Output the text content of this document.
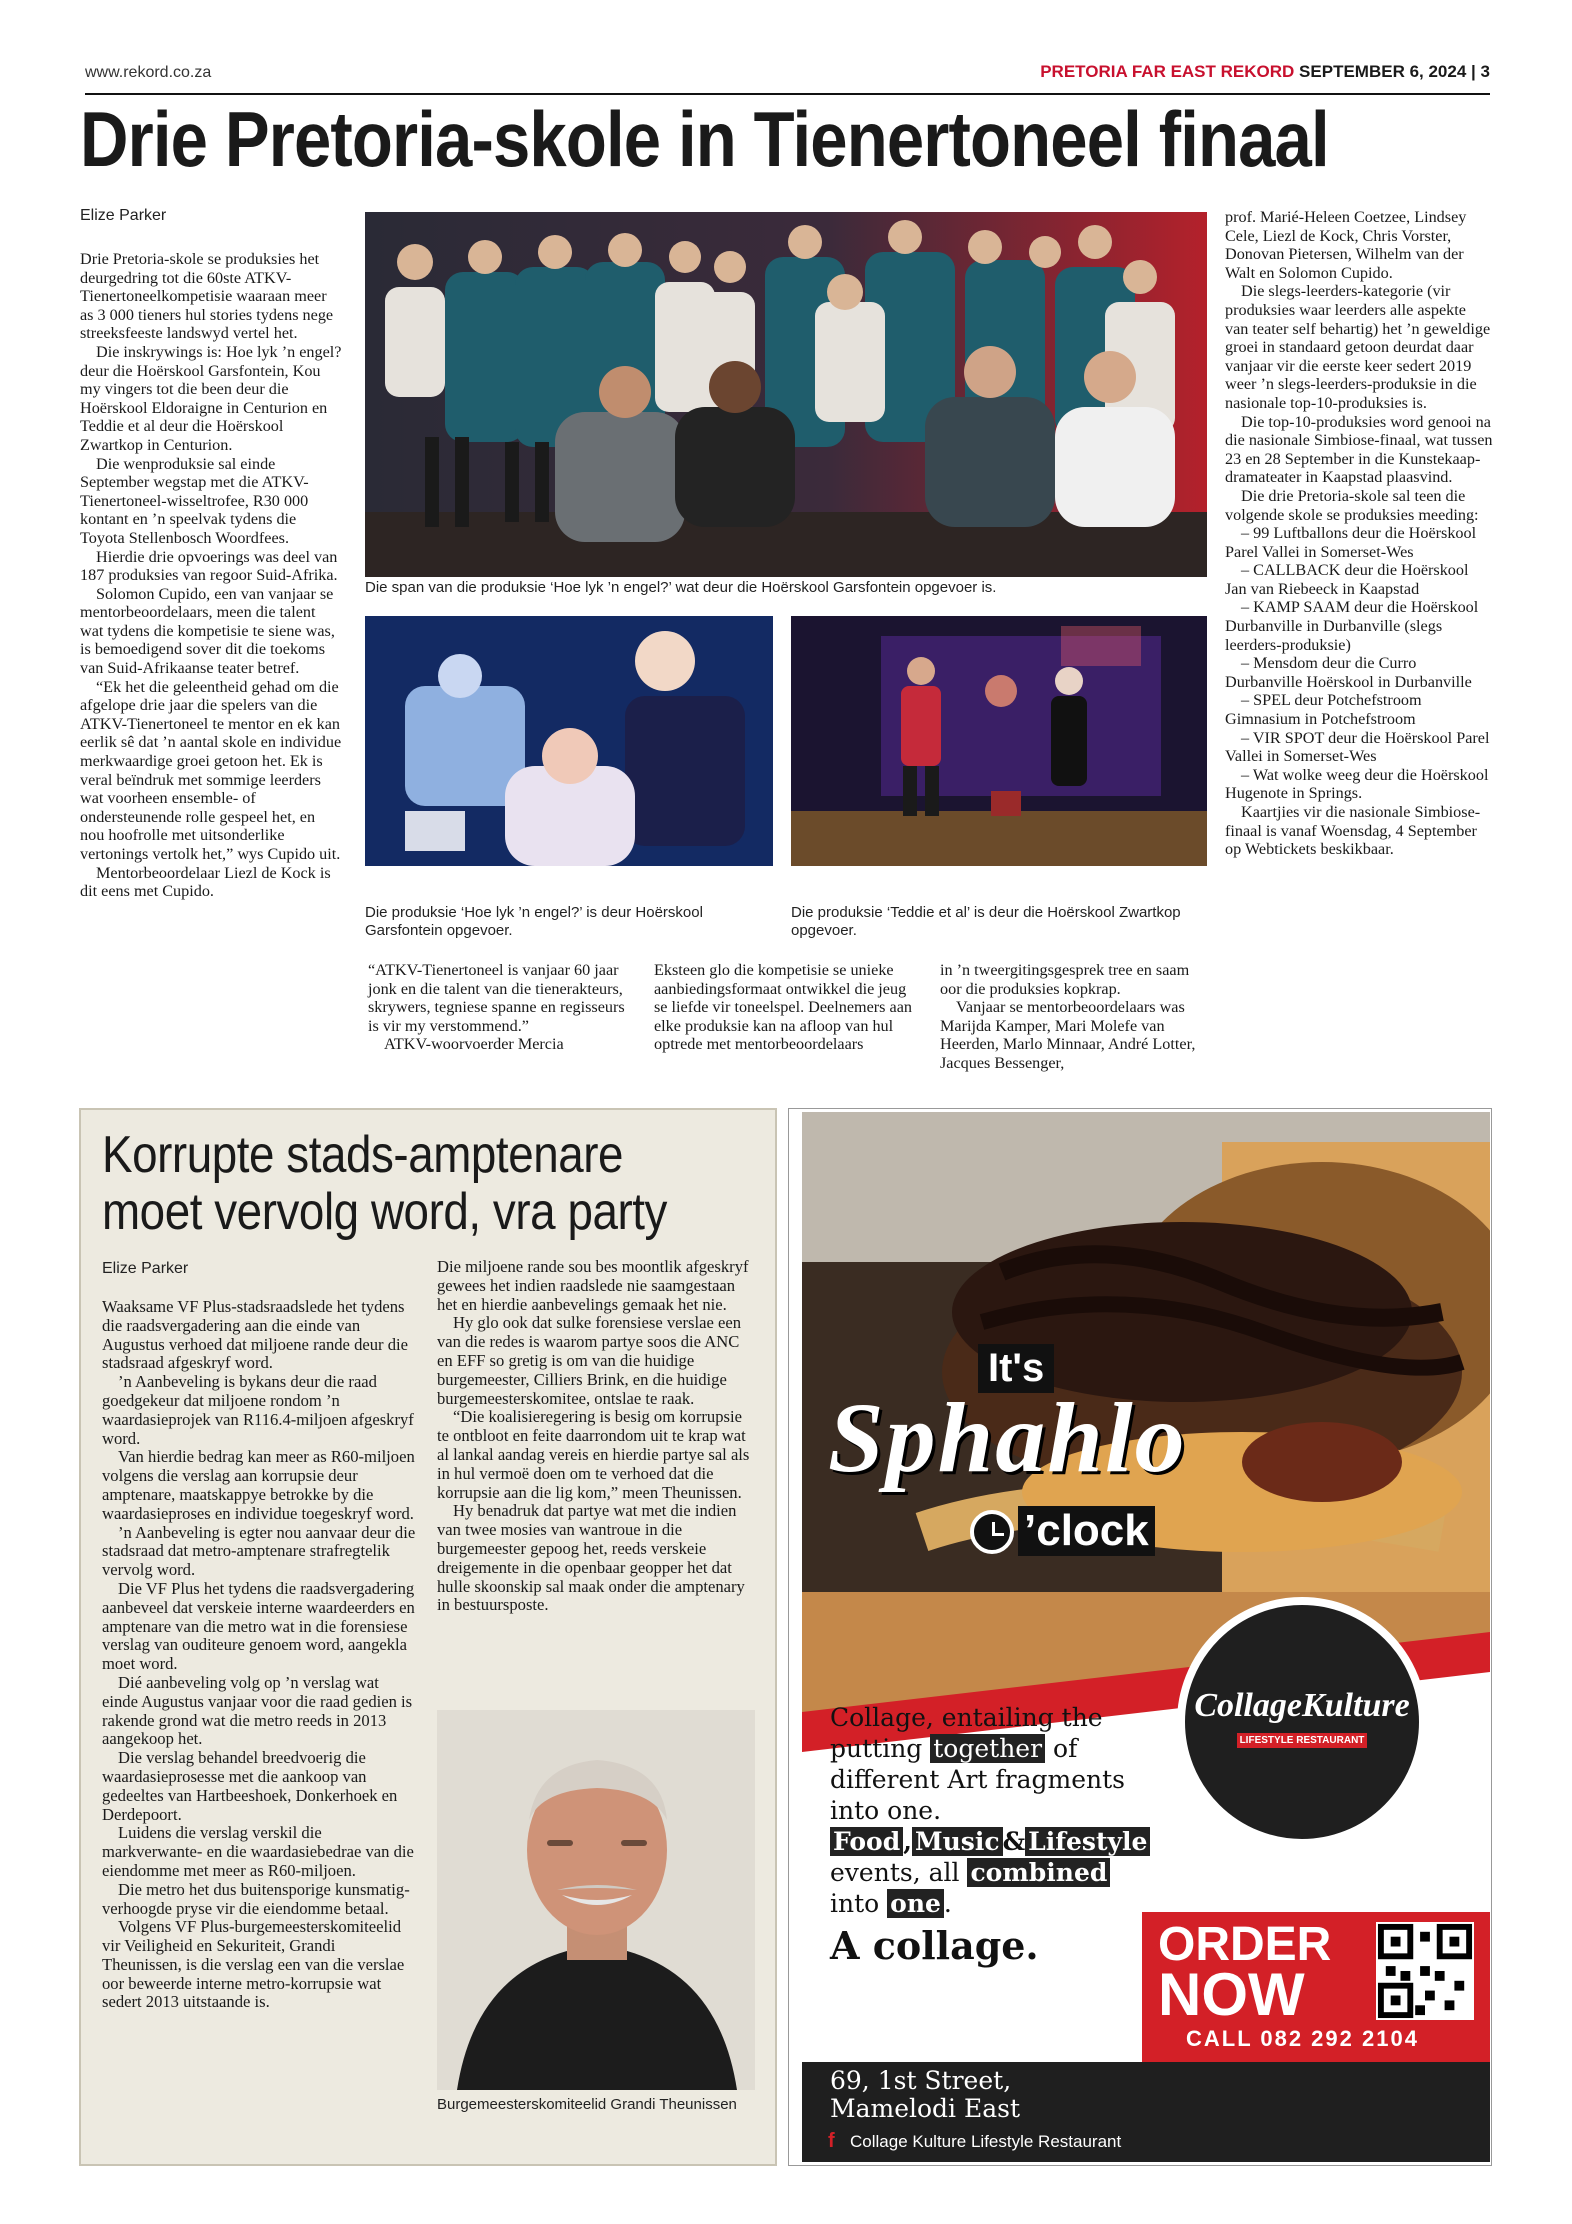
www.rekord.co.za	PRETORIA FAR EAST REKORD SEPTEMBER 6, 2024 | 3
Drie Pretoria-skole in Tienertoneel finaal
Elize Parker

Drie Pretoria-skole se produksies het deurgedring tot die 60ste ATKV-Tienertoneelkompetisie waaraan meer as 3 000 tieners hul stories tydens nege streeksfeeste landswyd vertel het.

Die inskrywings is: Hoe lyk ’n engel? deur die Hoërskool Garsfontein, Kou my vingers tot die been deur die Hoërskool Eldoraigne in Centurion en Teddie et al deur die Hoërskool Zwartkop in Centurion.

Die wenproduksie sal einde September wegstap met die ATKV-Tienertoneel-wisseltrofee, R30 000 kontant en ’n speelvak tydens die Toyota Stellenbosch Woordfees.

Hierdie drie opvoerings was deel van 187 produksies van regoor Suid-Afrika.

Solomon Cupido, een van vanjaar se mentorbeoordelaars, meen die talent wat tydens die kompetisie te siene was, is bemoedigend sover dit die toekoms van Suid-Afrikaanse teater betref.

“Ek het die geleentheid gehad om die afgelope drie jaar die spelers van die ATKV-Tienertoneel te mentor en ek kan eerlik sê dat ’n aantal skole en individue merkwaardige groei getoon het. Ek is veral beïndruk met sommige leerders wat voorheen ensemble- of ondersteunende rolle gespeel het, en nou hoofrolle met uitsonderlike vertonings vertolk het,” wys Cupido uit.

Mentorbeoordelaar Liezl de Kock is dit eens met Cupido.

Die span van die produksie ‘Hoe lyk ’n engel?’ wat deur die Hoërskool Garsfontein opgevoer is.
Die produksie ‘Hoe lyk ’n engel?’ is deur Hoërskool Garsfontein opgevoer.
Die produksie ‘Teddie et al’ is deur die Hoërskool Zwartkop opgevoer.

“ATKV-Tienertoneel is vanjaar 60 jaar jonk en die talent van die tienerakteurs, skrywers, tegniese spanne en regisseurs is vir my verstommend.”

ATKV-woorvoerder Mercia

Eksteen glo die kompetisie se unieke aanbiedingsformaat ontwikkel die jeug se liefde vir toneelspel. Deelnemers aan elke produksie kan na afloop van hul optrede met mentorbeoordelaars

in ’n tweergitingsgesprek tree en saam oor die produksies kopkrap.

Vanjaar se mentorbeoordelaars was Marijda Kamper, Mari Molefe van Heerden, Marlo Minnaar, André Lotter, Jacques Bessenger,

prof. Marié-Heleen Coetzee, Lindsey Cele, Liezl de Kock, Chris Vorster, Donovan Pietersen, Wilhelm van der Walt en Solomon Cupido.

Die slegs-leerders-kategorie (vir produksies waar leerders alle aspekte van teater self behartig) het ’n geweldige groei in standaard getoon deurdat daar vanjaar vir die eerste keer sedert 2019 weer ’n slegs-leerders-produksie in die nasionale top-10-produksies is.

Die top-10-produksies word genooi na die nasionale Simbiose-finaal, wat tussen 23 en 28 September in die Kunstekaap-dramateater in Kaapstad plaasvind.

Die drie Pretoria-skole sal teen die volgende skole se produksies meeding:

– 99 Luftballons deur die Hoërskool Parel Vallei in Somerset-Wes

– CALLBACK deur die Hoërskool Jan van Riebeeck in Kaapstad

– KAMP SAAM deur die Hoërskool Durbanville in Durbanville (slegs leerders-produksie)

– Mensdom deur die Curro Durbanville Hoërskool in Durbanville

– SPEL deur Potchefstroom Gimnasium in Potchefstroom

– VIR SPOT deur die Hoërskool Parel Vallei in Somerset-Wes

– Wat wolke weeg deur die Hoërskool Hugenote in Springs.

Kaartjies vir die nasionale Simbiose-finaal is vanaf Woensdag, 4 September op Webtickets beskikbaar.

Korrupte stads-amptenare
moet vervolg word, vra party
Elize Parker

Waaksame VF Plus-stadsraadslede het tydens die raadsvergadering aan die einde van Augustus verhoed dat miljoene rande deur die stadsraad afgeskryf word.

’n Aanbeveling is bykans deur die raad goedgekeur dat miljoene rondom ’n waardasieprojek van R116.4-miljoen afgeskryf word.

Van hierdie bedrag kan meer as R60-miljoen volgens die verslag aan korrupsie deur amptenare, maatskappye betrokke by die waardasieproses en individue toegeskryf word.

’n Aanbeveling is egter nou aanvaar deur die stadsraad dat metro-amptenare strafregtelik vervolg word.

Die VF Plus het tydens die raadsvergadering aanbeveel dat verskeie interne waardeerders en amptenare van die metro wat in die forensiese verslag van ouditeure genoem word, aangekla moet word.

Dié aanbeveling volg op ’n verslag wat einde Augustus vanjaar voor die raad gedien is rakende grond wat die metro reeds in 2013 aangekoop het.

Die verslag behandel breedvoerig die waardasieprosesse met die aankoop van gedeeltes van Hartbeeshoek, Donkerhoek en Derdepoort.

Luidens die verslag verskil die markverwante- en die waardasiebedrae van die eiendomme met meer as R60-miljoen.

Die metro het dus buitensporige kunsmatig-verhoogde pryse vir die eiendomme betaal.

Volgens VF Plus-burgemeesterskomiteelid vir Veiligheid en Sekuriteit, Grandi Theunissen, is die verslag een van die verslae oor beweerde interne metro-korrupsie wat sedert 2013 uitstaande is.

Die miljoene rande sou bes moontlik afgeskryf gewees het indien raadslede nie saamgestaan het en hierdie aanbevelings gemaak het nie.

Hy glo ook dat sulke forensiese verslae een van die redes is waarom partye soos die ANC en EFF so gretig is om van die huidige burgemeester, Cilliers Brink, en die huidige burgemeesterskomitee, ontslae te raak.

“Die koalisieregering is besig om korrupsie te ontbloot en feite daarrondom uit te krap wat al lankal aandag vereis en hierdie partye sal als in hul vermoë doen om te verhoed dat die korrupsie aan die lig kom,” meen Theunissen.

Hy benadruk dat partye wat met die indien van twee mosies van wantroue in die burgemeester gepoog het, reeds verskeie dreigemente in die openbaar geopper het dat hulle skoonskip sal maak onder die amptenary in bestuursposte.

Burgemeesterskomiteelid Grandi Theunissen
It's
Sphahlo
’clock
CollageKulture
LIFESTYLE RESTAURANT
Collage, entailing the
putting together of
different Art fragments
into one.
Food , Music & Lifestyle
events, all combined
into one .
A collage.	ORDER
NOW
CALL 082 292 2104
69, 1st Street,
Mamelodi East
f Collage Kulture Lifestyle Restaurant
